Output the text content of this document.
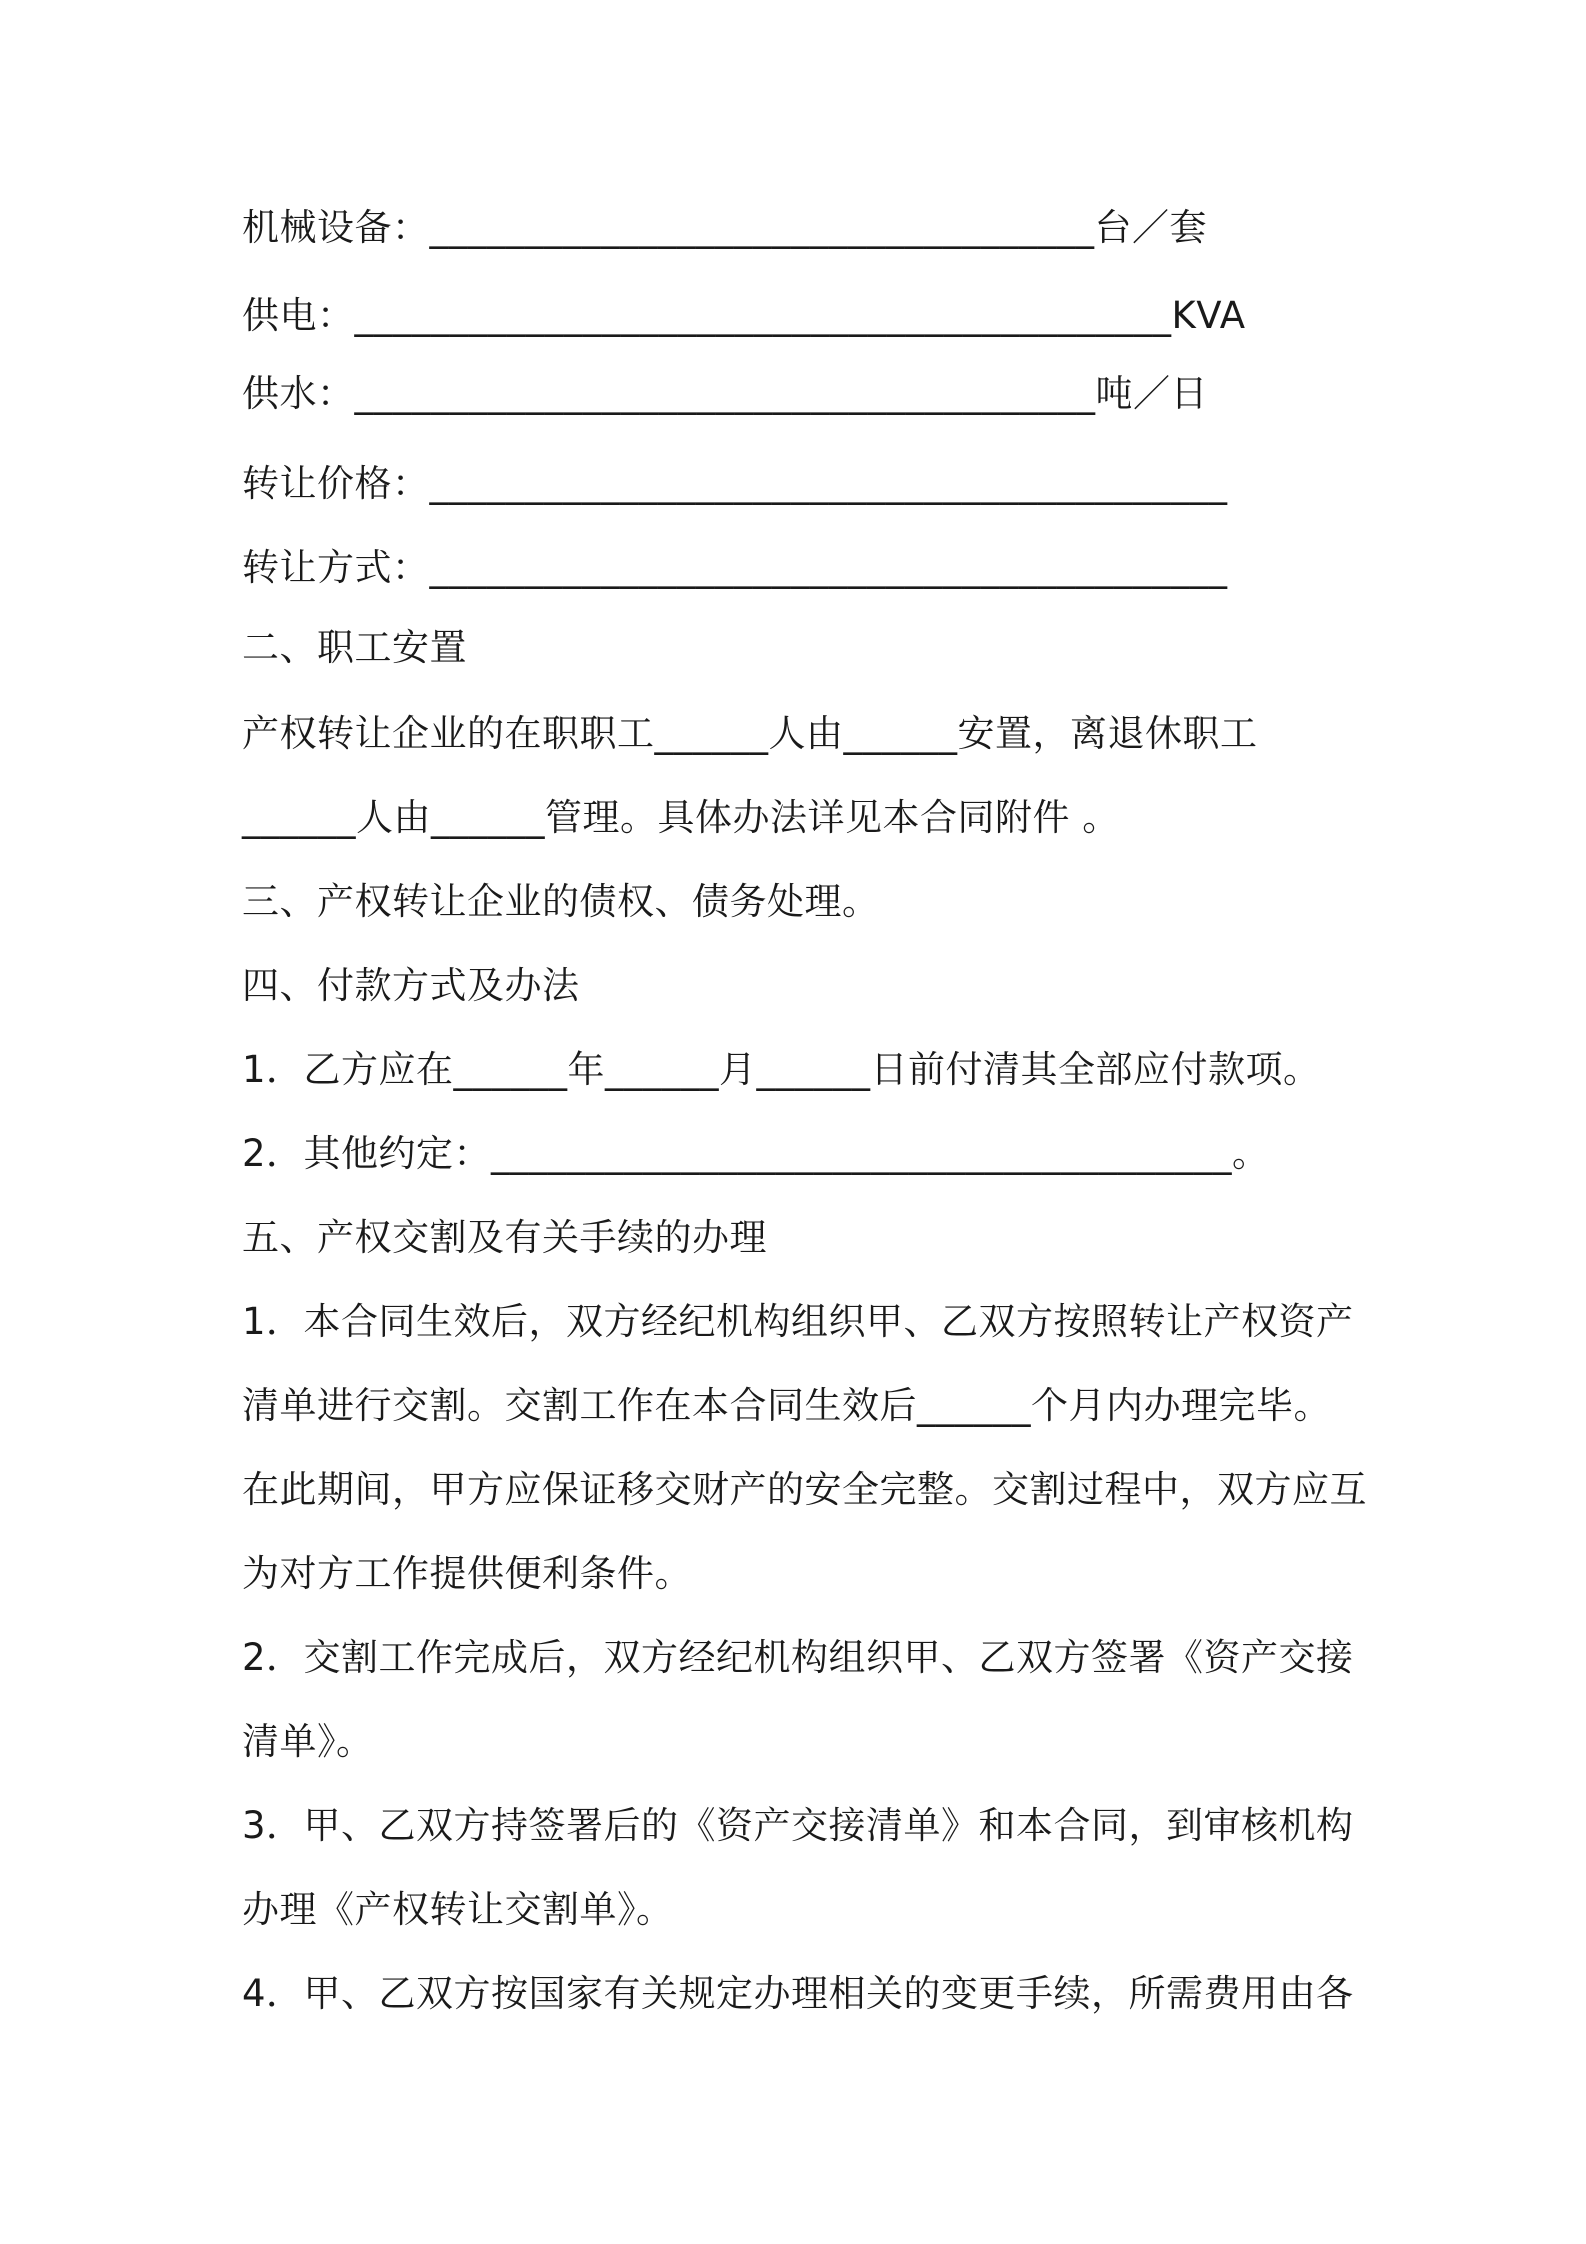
机械设备：___________________________________台／套
供电：___________________________________________KVA
供水：_______________________________________吨／日
转让价格：__________________________________________
转让方式：__________________________________________
二、职工安置
产权转让企业的在职职工______人由______安置，离退休职工
______人由______管理。具体办法详见本合同附件 。
三、产权转让企业的债权、债务处理。
四、付款方式及办法
1．乙方应在______年______月______日前付清其全部应付款项。
2．其他约定：_______________________________________。
五、产权交割及有关手续的办理
1．本合同生效后，双方经纪机构组织甲、乙双方按照转让产权资产
清单进行交割。交割工作在本合同生效后______个月内办理完毕。
在此期间，甲方应保证移交财产的安全完整。交割过程中，双方应互
为对方工作提供便利条件。
2．交割工作完成后，双方经纪机构组织甲、乙双方签署《资产交接
清单》。
3．甲、乙双方持签署后的《资产交接清单》和本合同，到审核机构
办理《产权转让交割单》。
4．甲、乙双方按国家有关规定办理相关的变更手续，所需费用由各
